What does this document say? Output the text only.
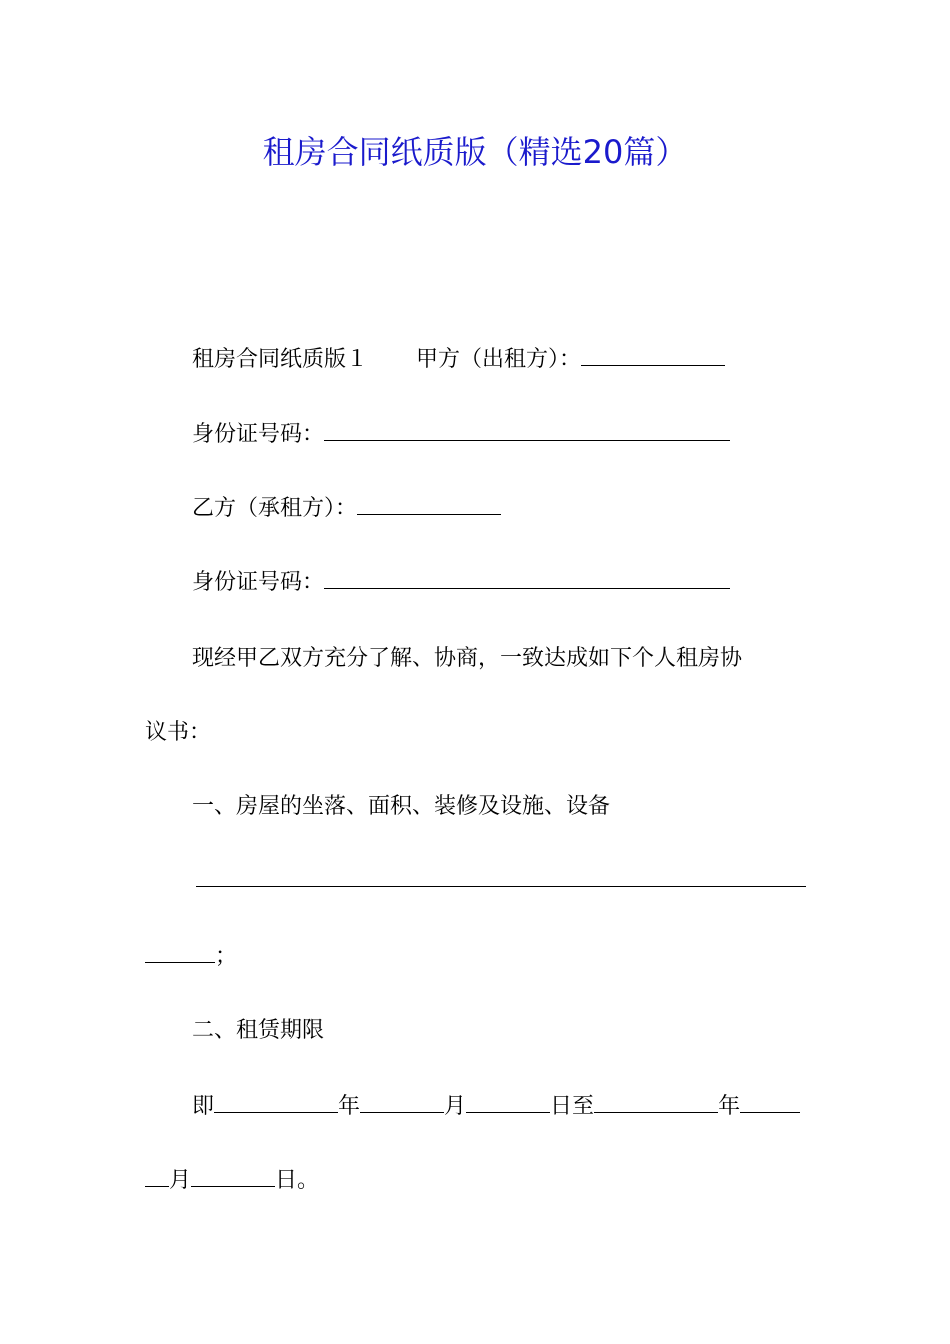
租房合同纸质版（精选20篇）
租房合同纸质版１ 甲方（出租方）：
身份证号码：
乙方（承租方）：
身份证号码：
现经甲乙双方充分了解、协商，一致达成如下个人租房协
议书：
一、房屋的坐落、面积、装修及设施、设备
；
二、租赁期限
即	年	月	日至	年
月	日。
